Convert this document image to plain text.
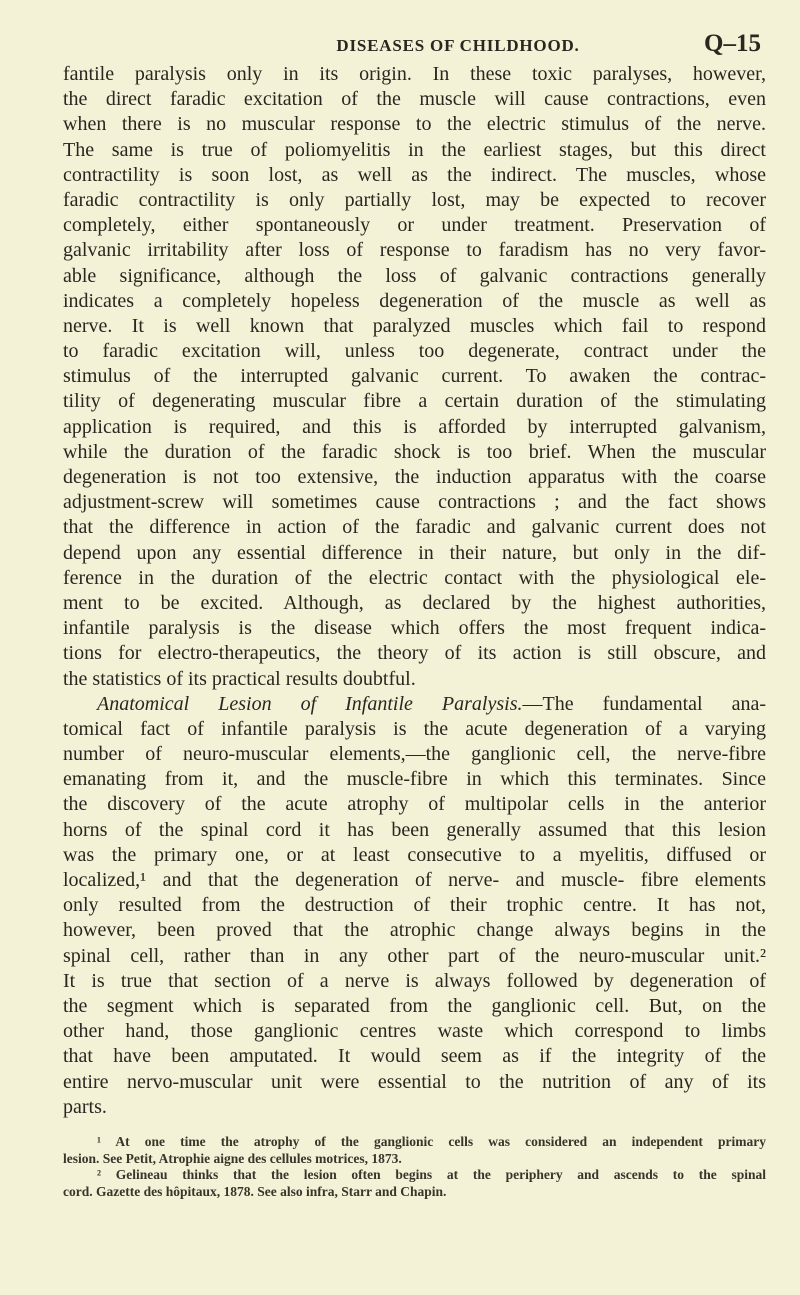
DISEASES OF CHILDHOOD.	Q–15
fantile paralysis only in its origin. In these toxic paralyses, however,
the direct faradic excitation of the muscle will cause contractions, even
when there is no muscular response to the electric stimulus of the nerve.
The same is true of poliomyelitis in the earliest stages, but this direct
contractility is soon lost, as well as the indirect. The muscles, whose
faradic contractility is only partially lost, may be expected to recover
completely, either spontaneously or under treatment. Preservation of
galvanic irritability after loss of response to faradism has no very favor-
able significance, although the loss of galvanic contractions generally
indicates a completely hopeless degeneration of the muscle as well as
nerve. It is well known that paralyzed muscles which fail to respond
to faradic excitation will, unless too degenerate, contract under the
stimulus of the interrupted galvanic current. To awaken the contrac-
tility of degenerating muscular fibre a certain duration of the stimulating
application is required, and this is afforded by interrupted galvanism,
while the duration of the faradic shock is too brief. When the muscular
degeneration is not too extensive, the induction apparatus with the coarse
adjustment-screw will sometimes cause contractions ; and the fact shows
that the difference in action of the faradic and galvanic current does not
depend upon any essential difference in their nature, but only in the dif-
ference in the duration of the electric contact with the physiological ele-
ment to be excited. Although, as declared by the highest authorities,
infantile paralysis is the disease which offers the most frequent indica-
tions for electro-therapeutics, the theory of its action is still obscure, and
the statistics of its practical results doubtful.
Anatomical Lesion of Infantile Paralysis.—The fundamental ana-
tomical fact of infantile paralysis is the acute degeneration of a varying
number of neuro-muscular elements,—the ganglionic cell, the nerve-fibre
emanating from it, and the muscle-fibre in which this terminates. Since
the discovery of the acute atrophy of multipolar cells in the anterior
horns of the spinal cord it has been generally assumed that this lesion
was the primary one, or at least consecutive to a myelitis, diffused or
localized,¹ and that the degeneration of nerve- and muscle- fibre elements
only resulted from the destruction of their trophic centre. It has not,
however, been proved that the atrophic change always begins in the
spinal cell, rather than in any other part of the neuro-muscular unit.²
It is true that section of a nerve is always followed by degeneration of
the segment which is separated from the ganglionic cell. But, on the
other hand, those ganglionic centres waste which correspond to limbs
that have been amputated. It would seem as if the integrity of the
entire nervo-muscular unit were essential to the nutrition of any of its
parts.
¹ At one time the atrophy of the ganglionic cells was considered an independent primary
lesion. See Petit, Atrophie aigne des cellules motrices, 1873.
² Gelineau thinks that the lesion often begins at the periphery and ascends to the spinal
cord. Gazette des hôpitaux, 1878. See also infra, Starr and Chapin.
